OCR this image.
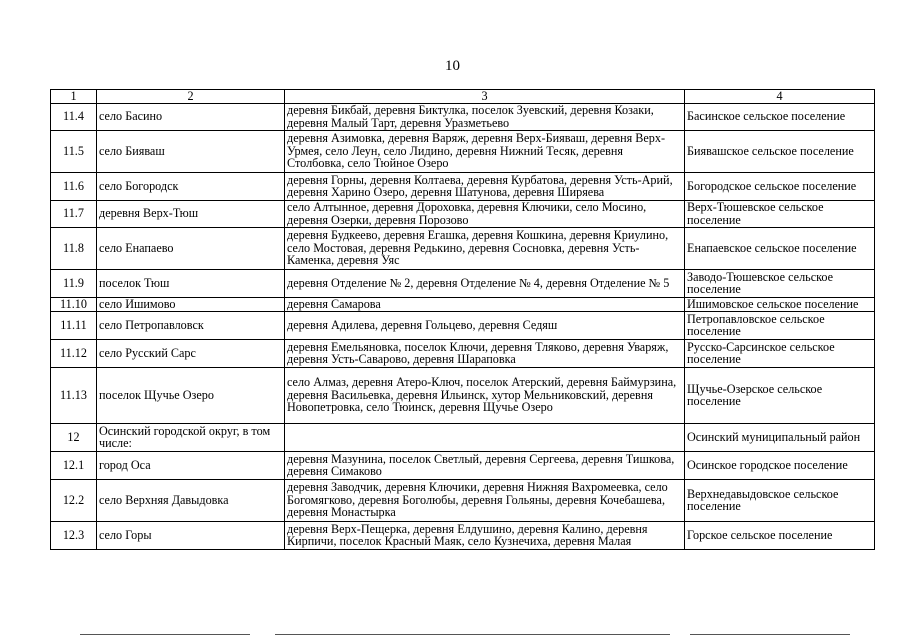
10
1	2	3	4
11.4	село Басино	деревня Бикбай, деревня Биктулка, поселок Зуевский, деревня Козаки, деревня Малый Тарт, деревня Уразметьево	Басинское сельское поселение
11.5	село Бияваш	деревня Азимовка, деревня Варяж, деревня Верх-Бияваш, деревня Верх-Урмея, село Леун, село Лидино, деревня Нижний Тесяк, деревня Столбовка, село Тюйное Озеро	Биявашское сельское поселение
11.6	село Богородск	деревня Горны, деревня Колтаева, деревня Курбатова, деревня Усть-Арий, деревня Харино Озеро, деревня Шатунова, деревня Ширяева	Богородское сельское поселение
11.7	деревня Верх-Тюш	село Алтынное, деревня Дороховка, деревня Ключики, село Мосино, деревня Озерки, деревня Порозово	Верх-Тюшевское сельское поселение
11.8	село Енапаево	деревня Будкеево, деревня Егашка, деревня Кошкина, деревня Криулино, село Мостовая, деревня Редькино, деревня Сосновка, деревня Усть-Каменка, деревня Уяс	Енапаевское сельское поселение
11.9	поселок Тюш	деревня Отделение № 2, деревня Отделение № 4, деревня Отделение № 5	Заводо-Тюшевское сельское поселение
11.10	село Ишимово	деревня Самарова	Ишимовское сельское поселение
11.11	село Петропавловск	деревня Адилева, деревня Гольцево, деревня Седяш	Петропавловское сельское поселение
11.12	село Русский Сарс	деревня Емельяновка, поселок Ключи, деревня Тляково, деревня Уваряж, деревня Усть-Саварово, деревня Шараповка	Русско-Сарсинское сельское поселение
11.13	поселок Щучье Озеро	село Алмаз, деревня Атеро-Ключ, поселок Атерский, деревня Баймурзина, деревня Васильевка, деревня Ильинск, хутор Мельниковский, деревня Новопетровка, село Тюинск, деревня Щучье Озеро	Щучье-Озерское сельское поселение
12	Осинский городской округ, в том числе:		Осинский муниципальный район
12.1	город Оса	деревня Мазунина, поселок Светлый, деревня Сергеева, деревня Тишкова, деревня Симаково	Осинское городское поселение
12.2	село Верхняя Давыдовка	деревня Заводчик, деревня Ключики, деревня Нижняя Вахромеевка, село Богомягково, деревня Боголюбы, деревня Гольяны, деревня Кочебашева, деревня Монастырка	Верхнедавыдовское сельское поселение
12.3	село Горы	деревня Верх-Пещерка, деревня Елдушино, деревня Калино, деревня Кирпичи, поселок Красный Маяк, село Кузнечиха, деревня Малая	Горское сельское поселение
